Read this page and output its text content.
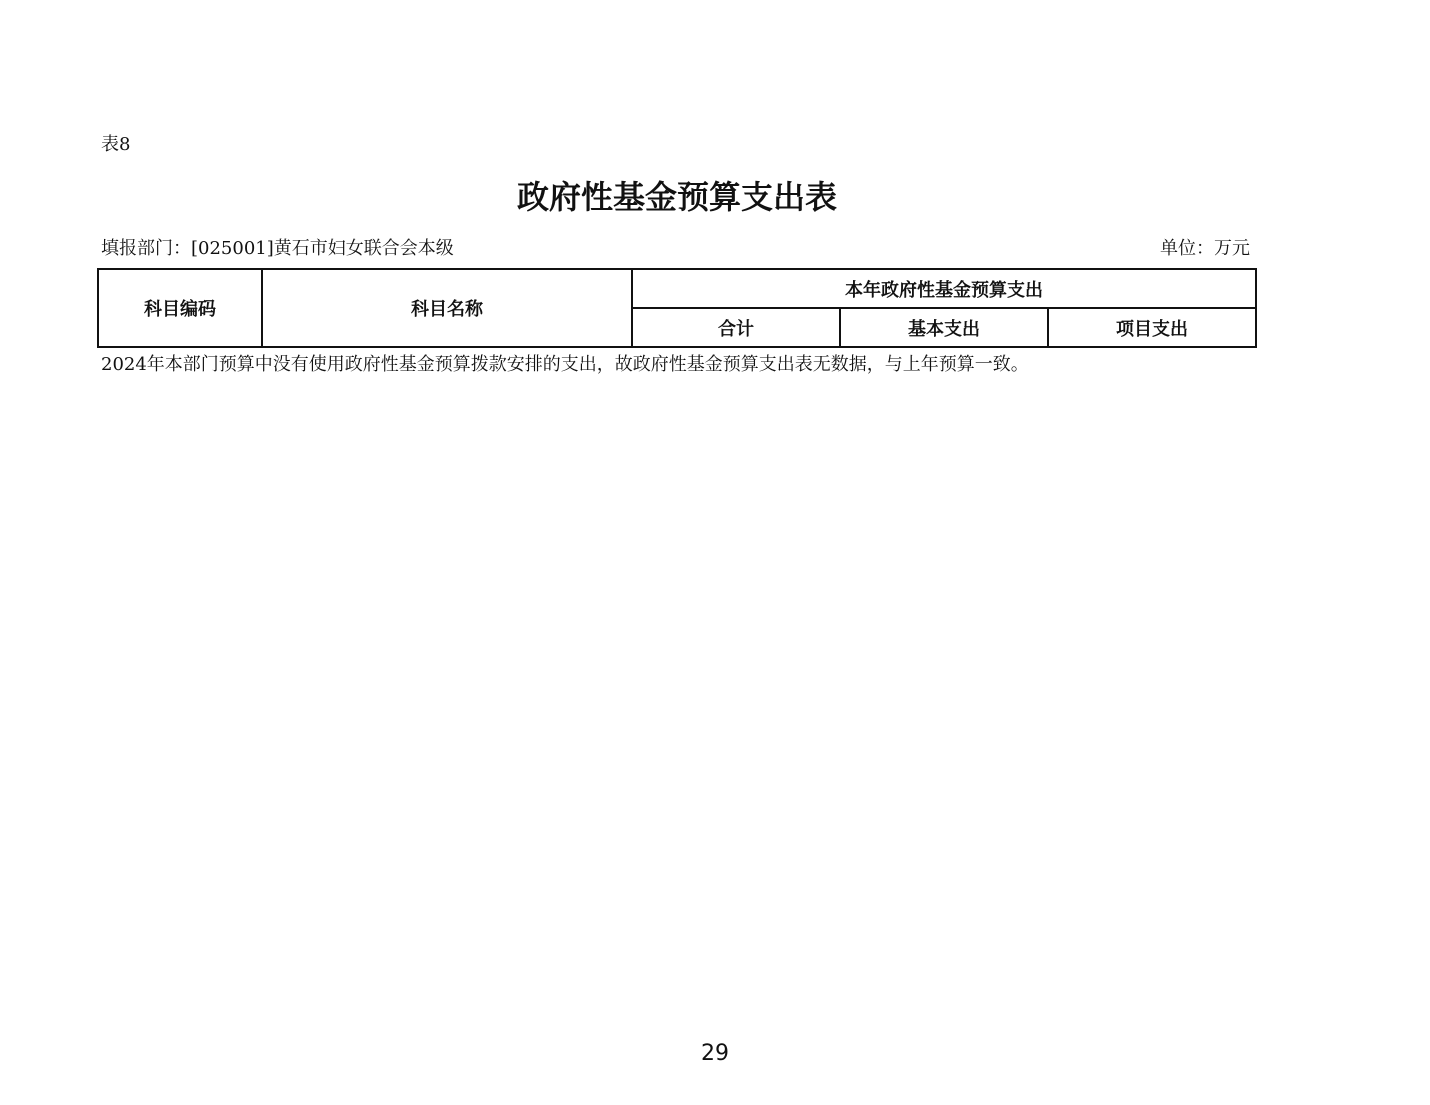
表8
政府性基金预算支出表
填报部门：[025001]黄石市妇女联合会本级	单位：万元
科目编码	科目名称	本年政府性基金预算支出		
		合计	基本支出	项目支出
2024年本部门预算中没有使用政府性基金预算拨款安排的支出，故政府性基金预算支出表无数据，与上年预算一致。
29
